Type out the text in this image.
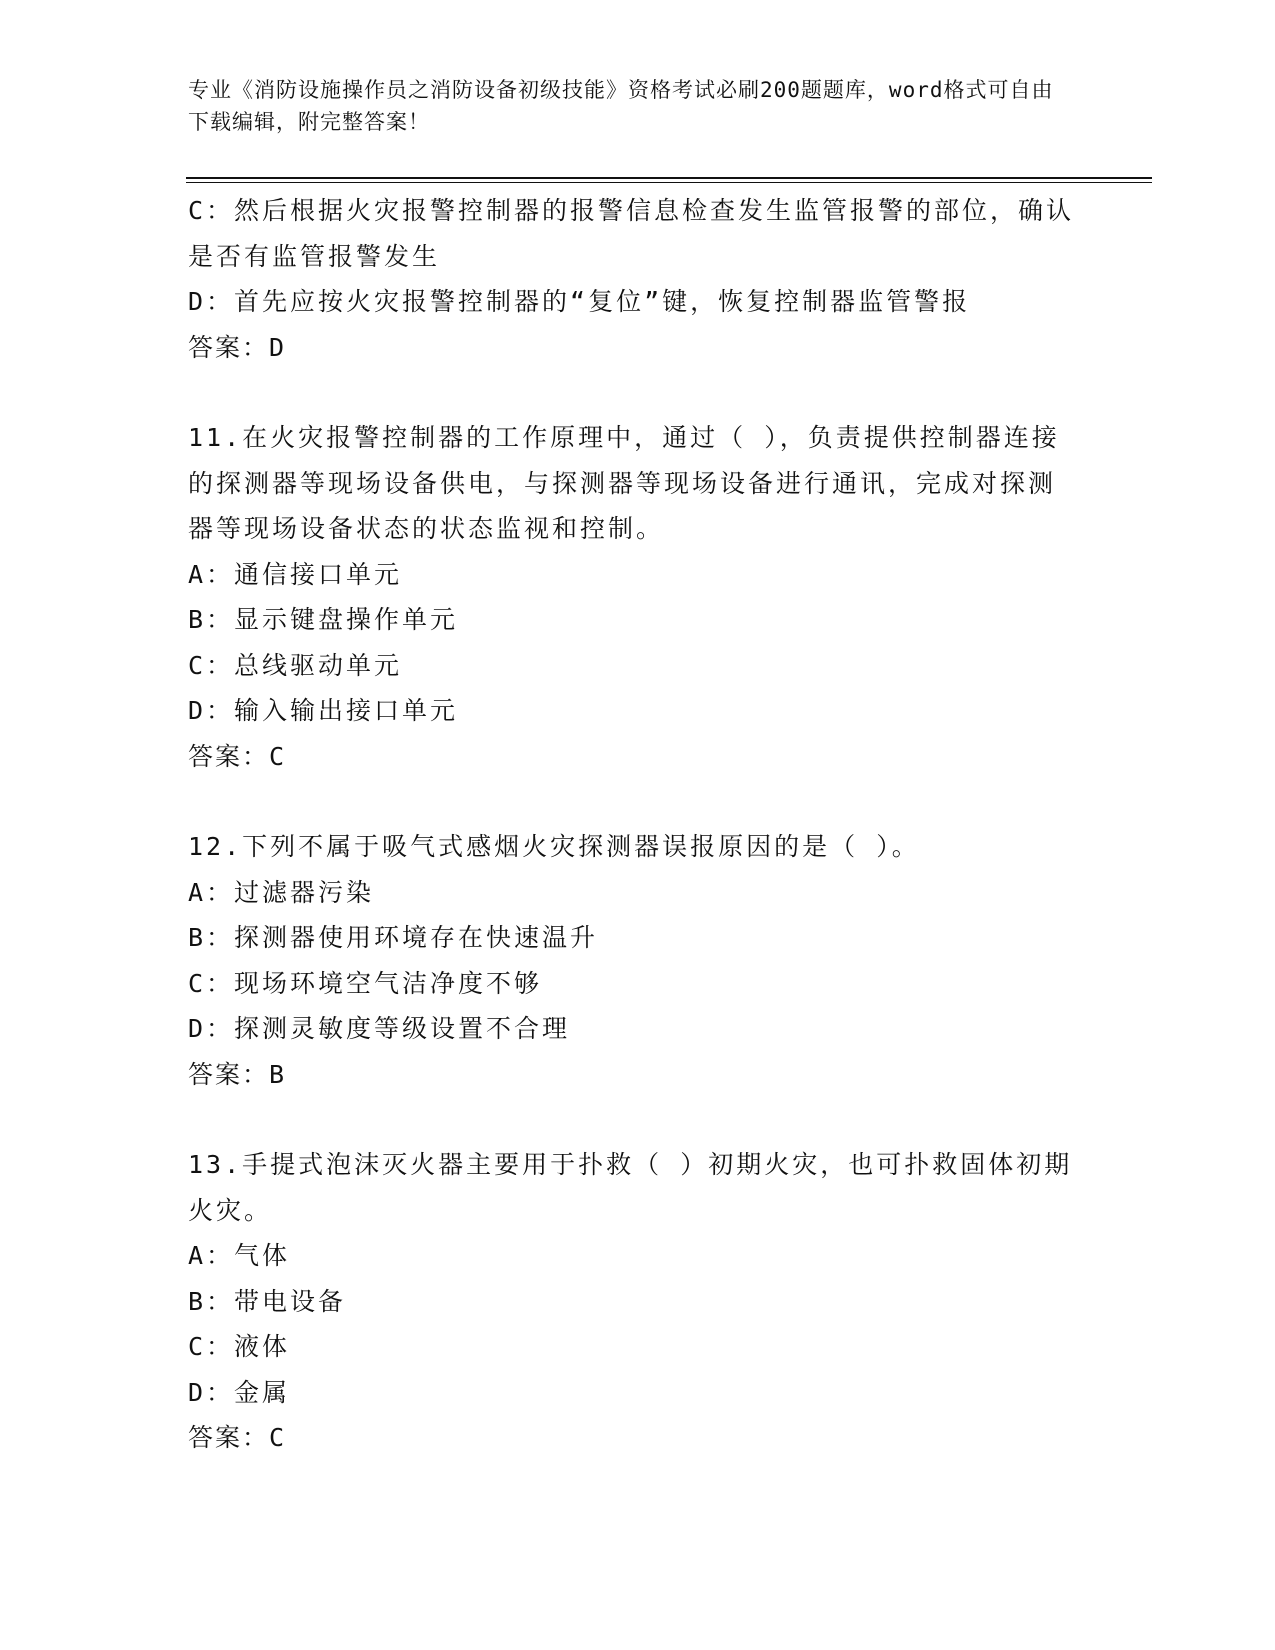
专业《消防设施操作员之消防设备初级技能》资格考试必刷200题题库，word格式可自由下载编辑，附完整答案！
C：然后根据火灾报警控制器的报警信息检查发生监管报警的部位，确认是否有监管报警发生
D：首先应按火灾报警控制器的“复位”键，恢复控制器监管警报
答案：D
11.在火灾报警控制器的工作原理中，通过（ ），负责提供控制器连接的探测器等现场设备供电，与探测器等现场设备进行通讯，完成对探测器等现场设备状态的状态监视和控制。
A：通信接口单元
B：显示键盘操作单元
C：总线驱动单元
D：输入输出接口单元
答案：C
12.下列不属于吸气式感烟火灾探测器误报原因的是（ ）。
A：过滤器污染
B：探测器使用环境存在快速温升
C：现场环境空气洁净度不够
D：探测灵敏度等级设置不合理
答案：B
13.手提式泡沫灭火器主要用于扑救（ ）初期火灾，也可扑救固体初期火灾。
A：气体
B：带电设备
C：液体
D：金属
答案：C
